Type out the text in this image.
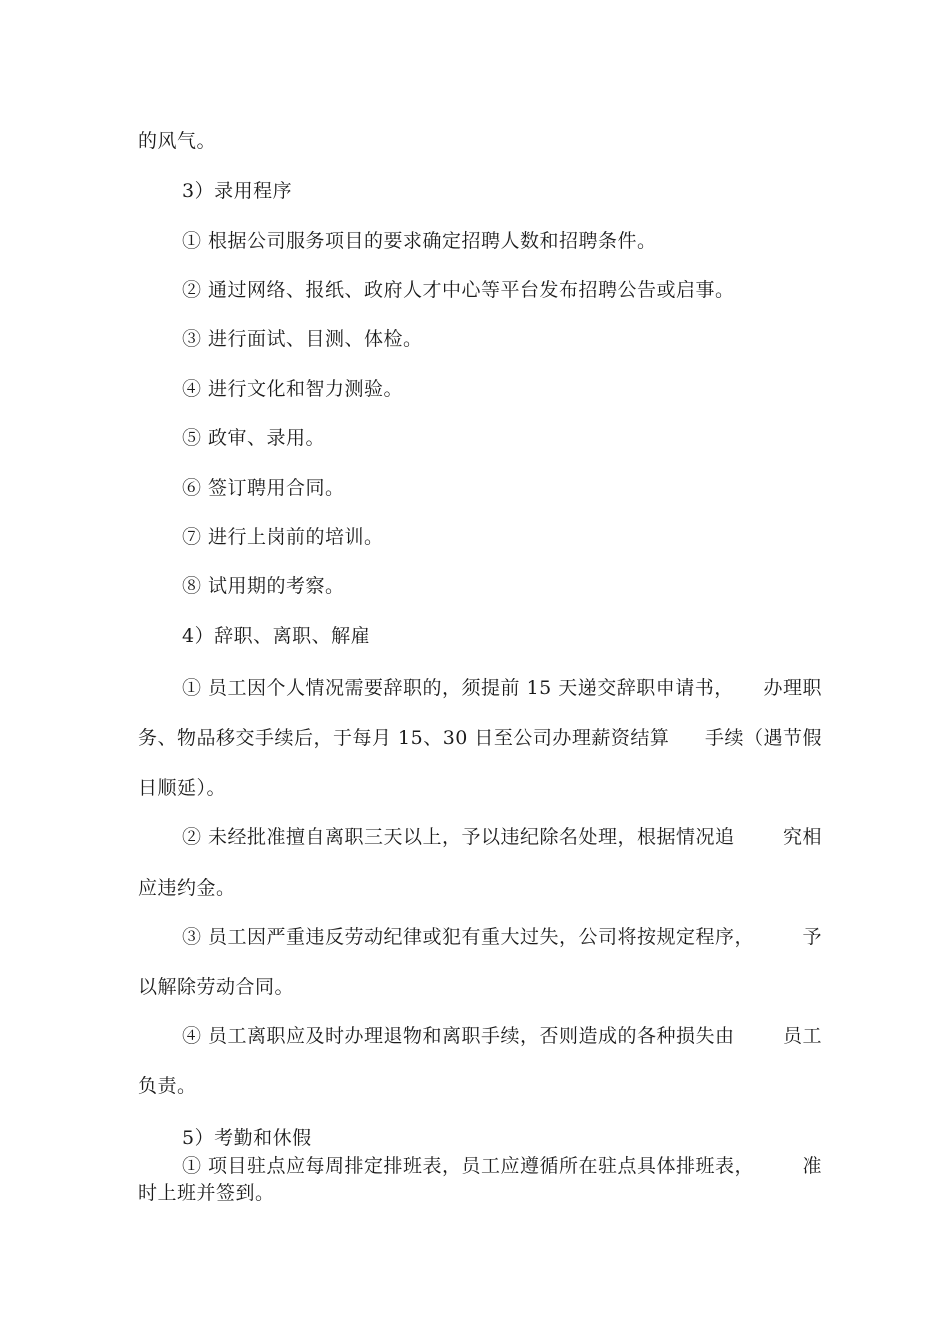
的风气。
3）录用程序
① 根据公司服务项目的要求确定招聘人数和招聘条件。
② 通过网络、报纸、政府人才中心等平台发布招聘公告或启事。
③ 进行面试、目测、体检。
④ 进行文化和智力测验。
⑤ 政审、录用。
⑥ 签订聘用合同。
⑦ 进行上岗前的培训。
⑧ 试用期的考察。
4）辞职、离职、解雇
① 员工因个人情况需要辞职的，须提前 15 天递交辞职申请书， 办理职
务、物品移交手续后，于每月 15、30 日至公司办理薪资结算 手续（遇节假
日顺延）。
② 未经批准擅自离职三天以上，予以违纪除名处理，根据情况追	究相
应违约金。
③ 员工因严重违反劳动纪律或犯有重大过失，公司将按规定程序，	予
以解除劳动合同。
④ 员工离职应及时办理退物和离职手续，否则造成的各种损失由	员工
负责。
5）考勤和休假
① 项目驻点应每周排定排班表，员工应遵循所在驻点具体排班表，	准
时上班并签到。
